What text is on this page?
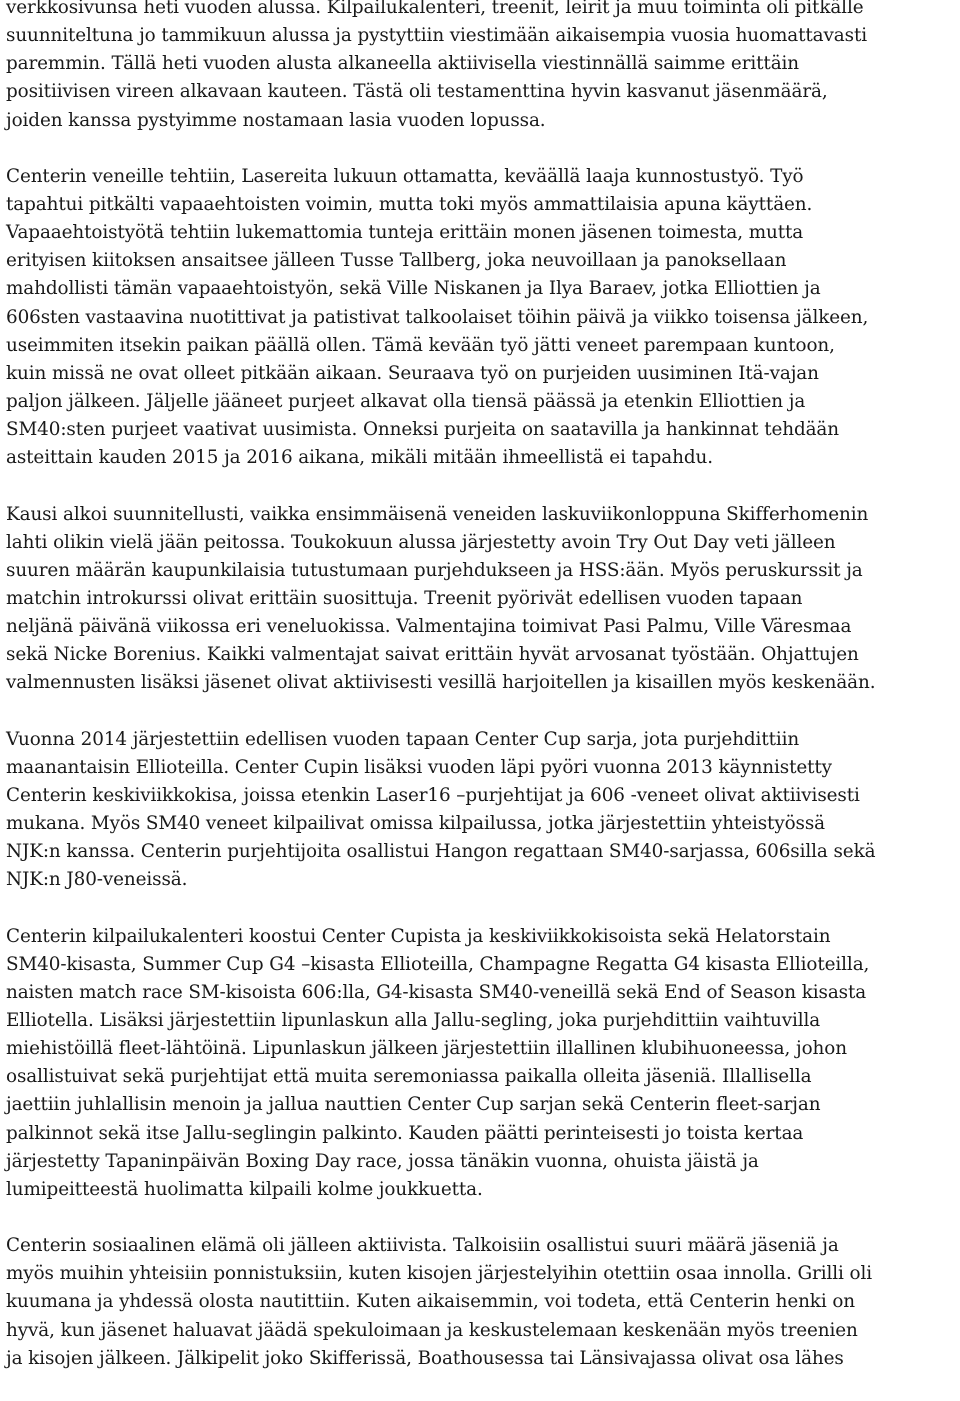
verkkosivunsa heti vuoden alussa. Kilpailukalenteri, treenit, leirit ja muu toiminta oli pitkälle
suunniteltuna jo tammikuun alussa ja pystyttiin viestimään aikaisempia vuosia huomattavasti
paremmin. Tällä heti vuoden alusta alkaneella aktiivisella viestinnällä saimme erittäin
positiivisen vireen alkavaan kauteen. Tästä oli testamenttina hyvin kasvanut jäsenmäärä,
joiden kanssa pystyimme nostamaan lasia vuoden lopussa.
Centerin veneille tehtiin, Lasereita lukuun ottamatta, keväällä laaja kunnostustyö. Työ
tapahtui pitkälti vapaaehtoisten voimin, mutta toki myös ammattilaisia apuna käyttäen.
Vapaaehtoistyötä tehtiin lukemattomia tunteja erittäin monen jäsenen toimesta, mutta
erityisen kiitoksen ansaitsee jälleen Tusse Tallberg, joka neuvoillaan ja panoksellaan
mahdollisti tämän vapaaehtoistyön, sekä Ville Niskanen ja Ilya Baraev, jotka Elliottien ja
606sten vastaavina nuotittivat ja patistivat talkoolaiset töihin päivä ja viikko toisensa jälkeen,
useimmiten itsekin paikan päällä ollen. Tämä kevään työ jätti veneet parempaan kuntoon,
kuin missä ne ovat olleet pitkään aikaan. Seuraava työ on purjeiden uusiminen Itä-vajan
paljon jälkeen. Jäljelle jääneet purjeet alkavat olla tiensä päässä ja etenkin Elliottien ja
SM40:sten purjeet vaativat uusimista. Onneksi purjeita on saatavilla ja hankinnat tehdään
asteittain kauden 2015 ja 2016 aikana, mikäli mitään ihmeellistä ei tapahdu.
Kausi alkoi suunnitellusti, vaikka ensimmäisenä veneiden laskuviikonloppuna Skifferhomenin
lahti olikin vielä jään peitossa. Toukokuun alussa järjestetty avoin Try Out Day veti jälleen
suuren määrän kaupunkilaisia tutustumaan purjehdukseen ja HSS:ään. Myös peruskurssit ja
matchin introkurssi olivat erittäin suosittuja. Treenit pyörivät edellisen vuoden tapaan
neljänä päivänä viikossa eri veneluokissa. Valmentajina toimivat Pasi Palmu, Ville Väresmaa
sekä Nicke Borenius. Kaikki valmentajat saivat erittäin hyvät arvosanat työstään. Ohjattujen
valmennusten lisäksi jäsenet olivat aktiivisesti vesillä harjoitellen ja kisaillen myös keskenään.
Vuonna 2014 järjestettiin edellisen vuoden tapaan Center Cup sarja, jota purjehdittiin
maanantaisin Ellioteilla. Center Cupin lisäksi vuoden läpi pyöri vuonna 2013 käynnistetty
Centerin keskiviikkokisa, joissa etenkin Laser16 –purjehtijat ja 606 -veneet olivat aktiivisesti
mukana. Myös SM40 veneet kilpailivat omissa kilpailussa, jotka järjestettiin yhteistyössä
NJK:n kanssa. Centerin purjehtijoita osallistui Hangon regattaan SM40-sarjassa, 606silla sekä
NJK:n J80-veneissä.
Centerin kilpailukalenteri koostui Center Cupista ja keskiviikkokisoista sekä Helatorstain
SM40-kisasta, Summer Cup G4 –kisasta Ellioteilla, Champagne Regatta G4 kisasta Ellioteilla,
naisten match race SM-kisoista 606:lla, G4-kisasta SM40-veneillä sekä End of Season kisasta
Elliotella. Lisäksi järjestettiin lipunlaskun alla Jallu-segling, joka purjehdittiin vaihtuvilla
miehistöillä fleet-lähtöinä. Lipunlaskun jälkeen järjestettiin illallinen klubihuoneessa, johon
osallistuivat sekä purjehtijat että muita seremoniassa paikalla olleita jäseniä. Illallisella
jaettiin juhlallisin menoin ja jallua nauttien Center Cup sarjan sekä Centerin fleet-sarjan
palkinnot sekä itse Jallu-seglingin palkinto. Kauden päätti perinteisesti jo toista kertaa
järjestetty Tapaninpäivän Boxing Day race, jossa tänäkin vuonna, ohuista jäistä ja
lumipeitteestä huolimatta kilpaili kolme joukkuetta.
Centerin sosiaalinen elämä oli jälleen aktiivista. Talkoisiin osallistui suuri määrä jäseniä ja
myös muihin yhteisiin ponnistuksiin, kuten kisojen järjestelyihin otettiin osaa innolla. Grilli oli
kuumana ja yhdessä olosta nautittiin. Kuten aikaisemmin, voi todeta, että Centerin henki on
hyvä, kun jäsenet haluavat jäädä spekuloimaan ja keskustelemaan keskenään myös treenien
ja kisojen jälkeen. Jälkipelit joko Skifferissä, Boathousessa tai Länsivajassa olivat osa lähes
